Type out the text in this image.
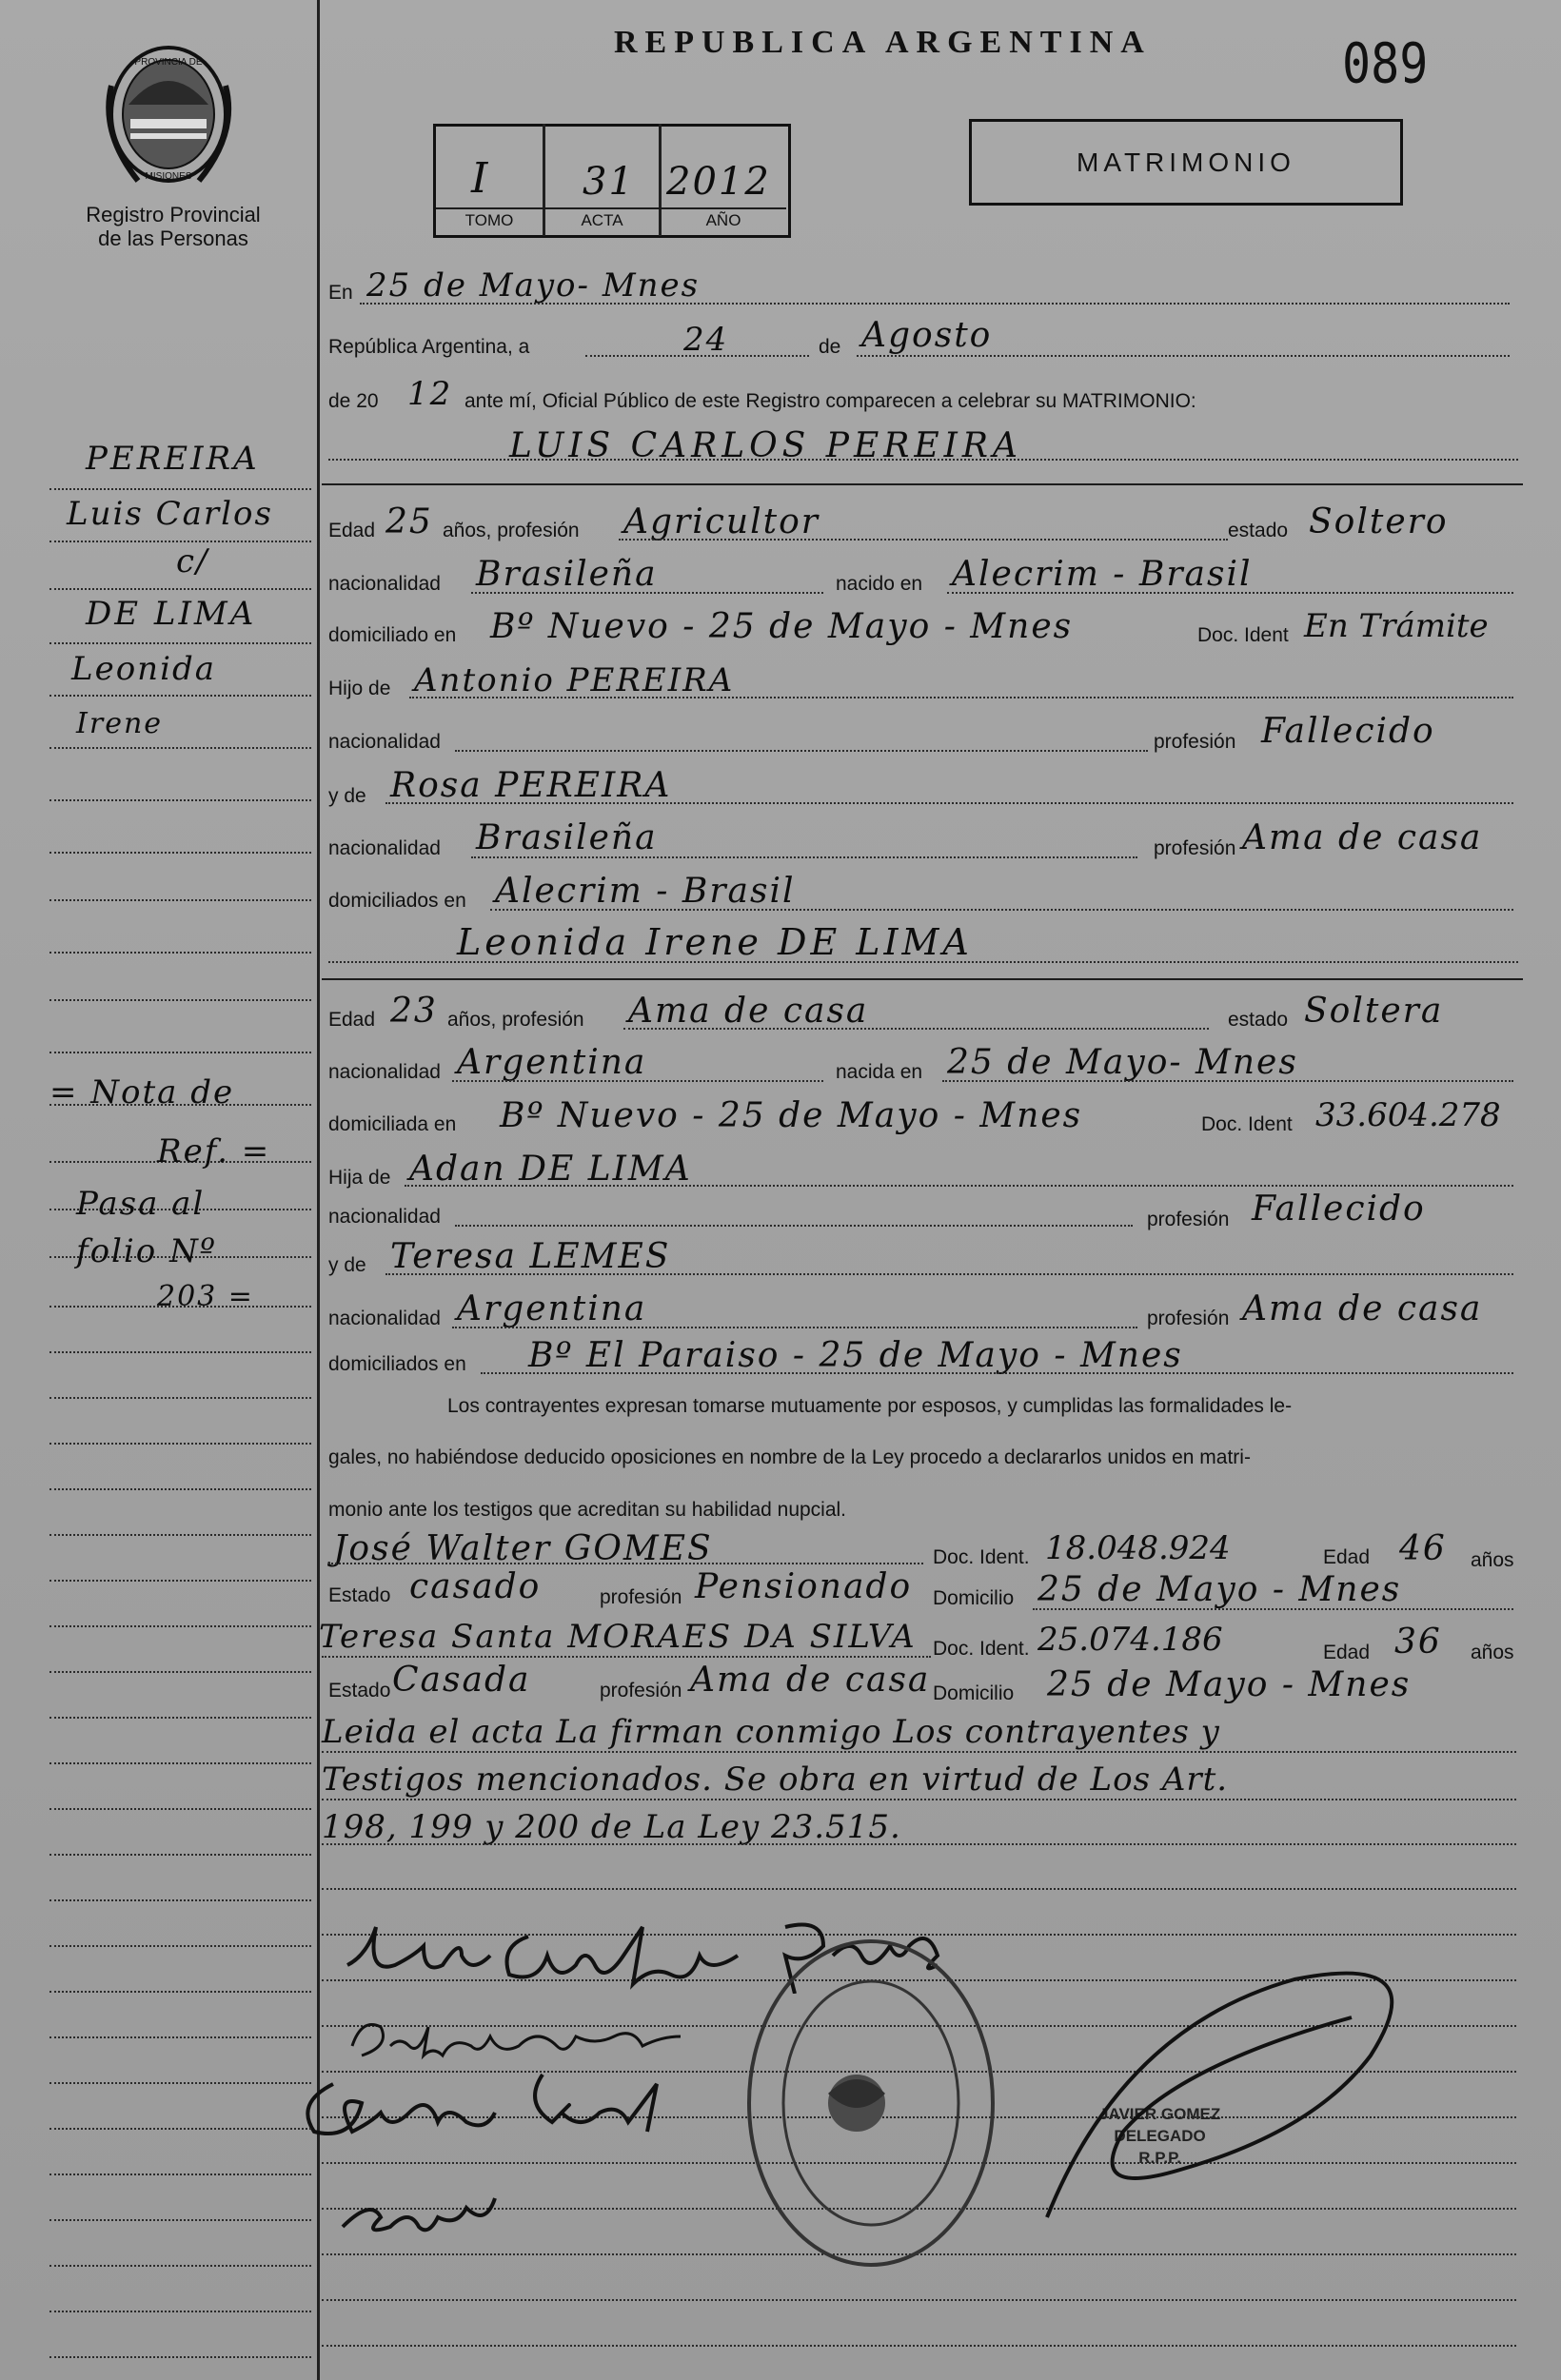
PROVINCIA DE
MISIONES
Registro Provincial
de las Personas
REPUBLICA ARGENTINA	089
I 31 2012
TOMO	ACTA	AÑO
MATRIMONIO
En 25 de Mayo- Mnes
República Argentina, a	24	de Agosto
de 20 12 ante mí, Oficial Público de este Registro comparecen a celebrar su MATRIMONIO:
LUIS CARLOS PEREIRA
Edad 25 años, profesión Agricultor	estado Soltero
nacionalidad Brasileña	nacido en Alecrim - Brasil
domiciliado en Bº Nuevo - 25 de Mayo - Mnes	Doc. Ident En Trámite
Hijo de Antonio PEREIRA
nacionalidad	profesión Fallecido
y de Rosa PEREIRA
nacionalidad Brasileña	profesión Ama de casa
domiciliados en Alecrim - Brasil
Leonida Irene DE LIMA
Edad 23 años, profesión Ama de casa	estado Soltera
nacionalidad Argentina	nacida en 25 de Mayo- Mnes
domiciliada en Bº Nuevo - 25 de Mayo - Mnes	Doc. Ident 33.604.278
Hija de Adan DE LIMA
nacionalidad	profesión Fallecido
y de Teresa LEMES
nacionalidad Argentina	profesión Ama de casa
domiciliados en Bº El Paraiso - 25 de Mayo - Mnes
Los contrayentes expresan tomarse mutuamente por esposos, y cumplidas las formalidades le-
gales, no habiéndose deducido oposiciones en nombre de la Ley procedo a declararlos unidos en matri-
monio ante los testigos que acreditan su habilidad nupcial.
José Walter GOMES	Doc. Ident. 18.048.924	Edad 46 años
Estado casado	profesión Pensionado Domicilio 25 de Mayo - Mnes
Teresa Santa MORAES DA SILVA Doc. Ident. 25.074.186	Edad 36 años
Estado Casada	profesión Ama de casa Domicilio 25 de Mayo - Mnes
Leida el acta La firman conmigo Los contrayentes y
Testigos mencionados. Se obra en virtud de Los Art.
198, 199 y 200 de La Ley 23.515.
JAVIER GOMEZ
DELEGADO
R.P.P.
PEREIRA
Luis Carlos
c/
DE LIMA
Leonida
Irene
= Nota de
Ref. =
Pasa al
folio Nº
203 =
